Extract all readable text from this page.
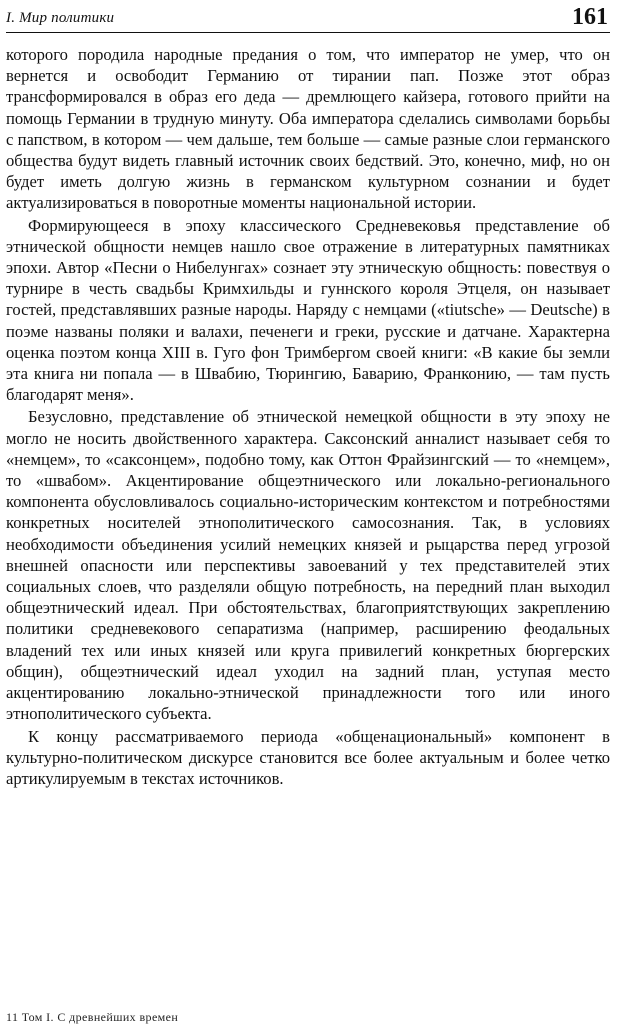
I. Мир политики	161

которого породила народные предания о том, что император не умер, что он вернется и освободит Германию от тирании пап. Позже этот образ трансформировался в образ его деда — дремлющего кайзера, готового прийти на помощь Германии в трудную минуту. Оба императора сделались символами борьбы с папством, в котором — чем дальше, тем больше — самые разные слои германского общества будут видеть главный источник своих бедствий. Это, конечно, миф, но он будет иметь долгую жизнь в германском культурном сознании и будет актуализироваться в поворотные моменты национальной истории.

Формирующееся в эпоху классического Средневековья представление об этнической общности немцев нашло свое отражение в литературных памятниках эпохи. Автор «Песни о Нибелунгах» сознает эту этническую общность: повествуя о турнире в честь свадьбы Кримхильды и гуннского короля Этцеля, он называет гостей, представлявших разные народы. Наряду с немцами («tiutsche» — Deutsche) в поэме названы поляки и валахи, печенеги и греки, русские и датчане. Характерна оценка поэтом конца XIII в. Гуго фон Тримбергом своей книги: «В какие бы земли эта книга ни попала — в Швабию, Тюрингию, Баварию, Франконию, — там пусть благодарят меня».

Безусловно, представление об этнической немецкой общности в эту эпоху не могло не носить двойственного характера. Саксонский анналист называет себя то «немцем», то «саксонцем», подобно тому, как Оттон Фрайзингский — то «немцем», то «швабом». Акцентирование общеэтнического или локально-регионального компонента обусловливалось социально-историческим контекстом и потребностями конкретных носителей этнополитического самосознания. Так, в условиях необходимости объединения усилий немецких князей и рыцарства перед угрозой внешней опасности или перспективы завоеваний у тех представителей этих социальных слоев, что разделяли общую потребность, на передний план выходил общеэтнический идеал. При обстоятельствах, благоприятствующих закреплению политики средневекового сепаратизма (например, расширению феодальных владений тех или иных князей или круга привилегий конкретных бюргерских общин), общеэтнический идеал уходил на задний план, уступая место акцентированию локально-этнической принадлежности того или иного этнополитического субъекта.

К концу рассматриваемого периода «общенациональный» компонент в культурно-политическом дискурсе становится все более актуальным и более четко артикулируемым в текстах источников.

11 Том I. С древнейших времен
